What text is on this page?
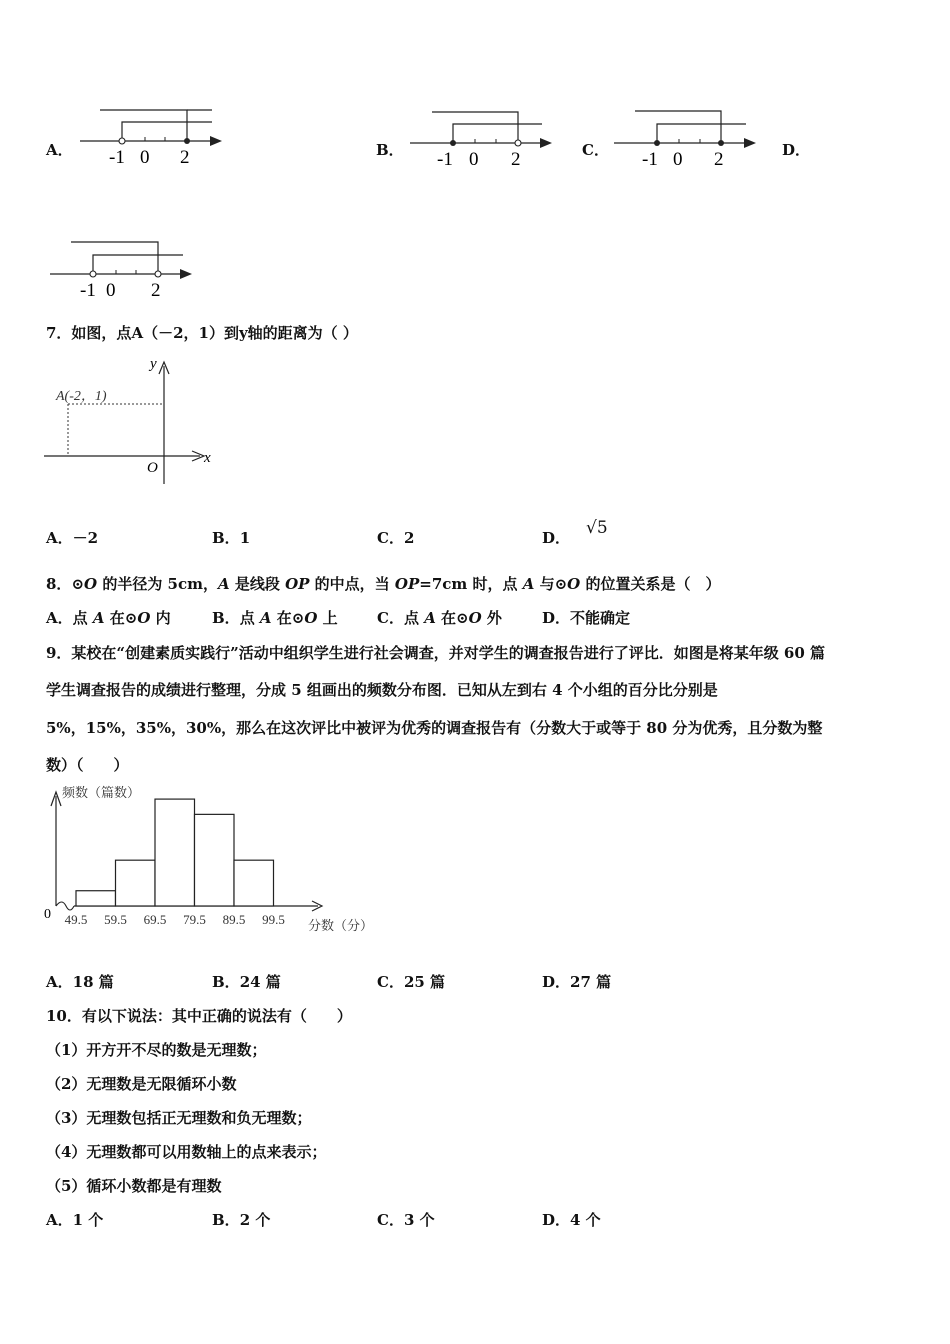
A． -1 0 2	B． -1 0 2	C． -1 0 2	D．
-1 0 2
7．如图，点A（－2，1）到y轴的距离为（ ）
A(-2，1)
y
x
O
A．－2	B．1	C．2	D． √5
8．⊙O 的半径为 5cm，A 是线段 OP 的中点，当 OP=7cm 时，点 A 与⊙O 的位置关系是（　）
A．点 A 在⊙O 内	B．点 A 在⊙O 上	C．点 A 在⊙O 外	D．不能确定
9．某校在“创建素质实践行”活动中组织学生进行社会调查，并对学生的调查报告进行了评比．如图是将某年级 60 篇
学生调查报告的成绩进行整理，分成 5 组画出的频数分布图．已知从左到右 4 个小组的百分比分别是
5%，15%，35%，30%，那么在这次评比中被评为优秀的调查报告有（分数大于或等于 80 分为优秀，且分数为整
数）（　　）
49.5 59.5 69.5 79.5 89.5 99.5
频数（篇数）
分数（分）
0
A．18 篇	B．24 篇	C．25 篇	D．27 篇
10．有以下说法：其中正确的说法有（　　）
（1）开方开不尽的数是无理数；
（2）无理数是无限循环小数
（3）无理数包括正无理数和负无理数；
（4）无理数都可以用数轴上的点来表示；
（5）循环小数都是有理数
A．1 个	B．2 个	C．3 个	D．4 个
